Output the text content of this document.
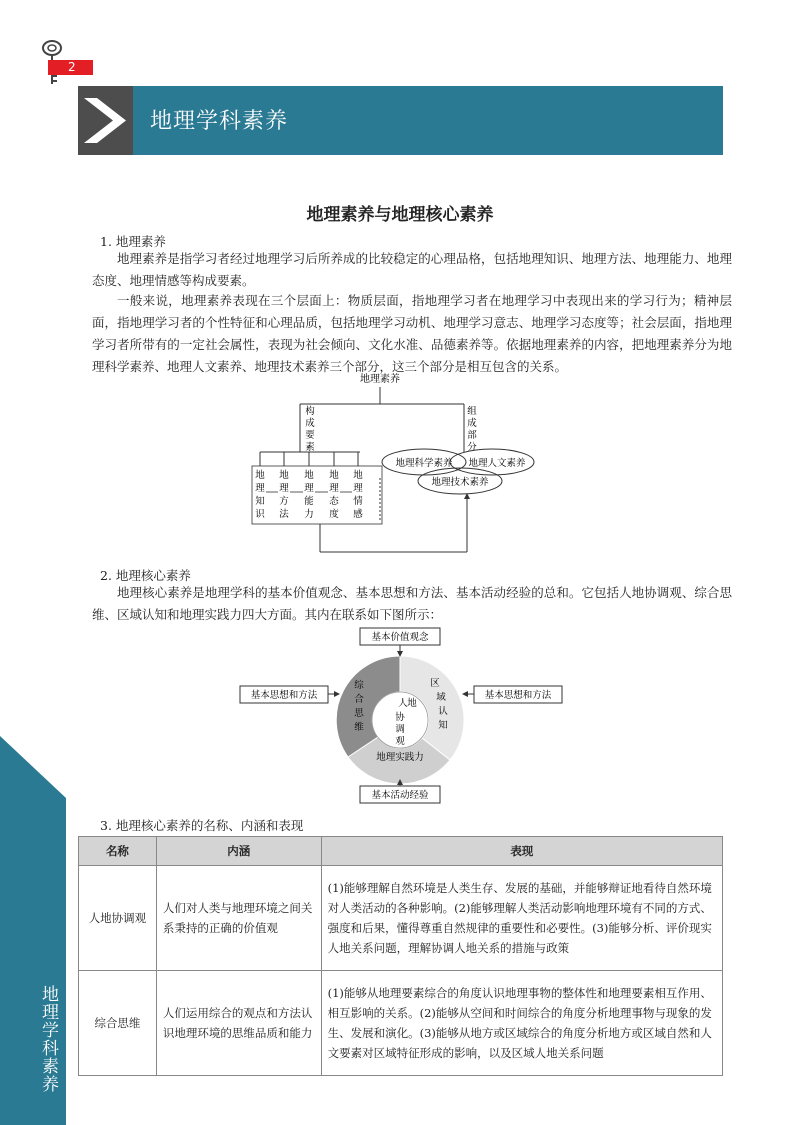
2
地理学科素养
地理学科素养
地理素养与地理核心素养
1. 地理素养
地理素养是指学习者经过地理学习后所养成的比较稳定的心理品格，包括地理知识、地理方法、地理能力、地理态度、地理情感等构成要素。
一般来说，地理素养表现在三个层面上：物质层面，指地理学习者在地理学习中表现出来的学习行为；精神层面，指地理学习者的个性特征和心理品质，包括地理学习动机、地理学习意志、地理学习态度等；社会层面，指地理学习者所带有的一定社会属性，表现为社会倾向、文化水准、品德素养等。依据地理素养的内容，把地理素养分为地理科学素养、地理人文素养、地理技术素养三个部分，这三个部分是相互包含的关系。
地理素养
构
成
要
素
组
成
部
分
地
理
知
识
地
理
方
法
地
理
能
力
地
理
态
度
地
理
情
感
地理科学素养 地理人文素养
地理技术素养
2. 地理核心素养
地理核心素养是地理学科的基本价值观念、基本思想和方法、基本活动经验的总和。它包括人地协调观、综合思维、区域认知和地理实践力四大方面。其内在联系如下图所示：
人 地
协
调
观
综
合
思
维
区
域
认
知
地理实践力
基本价值观念
基本思想和方法	基本思想和方法
基本活动经验
3. 地理核心素养的名称、内涵和表现
名称	内涵	表现
人地协调观	人们对人类与地理环境之间关系秉持的正确的价值观	(1)能够理解自然环境是人类生存、发展的基础，并能够辩证地看待自然环境对人类活动的各种影响。(2)能够理解人类活动影响地理环境有不同的方式、强度和后果，懂得尊重自然规律的重要性和必要性。(3)能够分析、评价现实人地关系问题，理解协调人地关系的措施与政策
综合思维	人们运用综合的观点和方法认识地理环境的思维品质和能力	(1)能够从地理要素综合的角度认识地理事物的整体性和地理要素相互作用、相互影响的关系。(2)能够从空间和时间综合的角度分析地理事物与现象的发生、发展和演化。(3)能够从地方或区域综合的角度分析地方或区域自然和人文要素对区域特征形成的影响，以及区域人地关系问题
